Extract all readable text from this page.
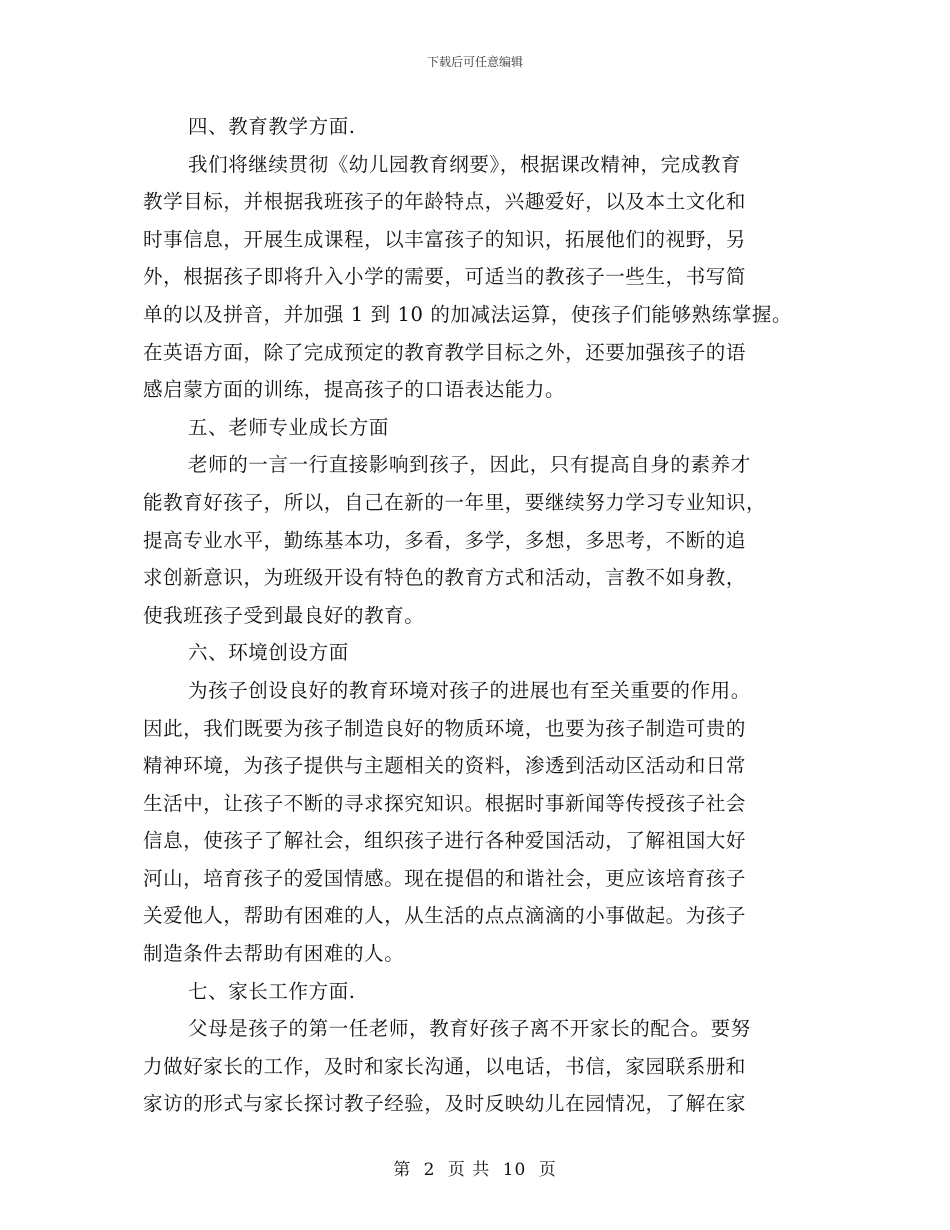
下载后可任意编辑
四、教育教学方面.
我们将继续贯彻《幼儿园教育纲要》，根据课改精神，完成教育
教学目标，并根据我班孩子的年龄特点，兴趣爱好，以及本土文化和
时事信息，开展生成课程，以丰富孩子的知识，拓展他们的视野，另
外，根据孩子即将升入小学的需要，可适当的教孩子一些生，书写简
单的以及拼音，并加强 1 到 10 的加减法运算，使孩子们能够熟练掌握。
在英语方面，除了完成预定的教育教学目标之外，还要加强孩子的语
感启蒙方面的训练，提高孩子的口语表达能力。
五、老师专业成长方面
老师的一言一行直接影响到孩子，因此，只有提高自身的素养才
能教育好孩子，所以，自己在新的一年里，要继续努力学习专业知识，
提高专业水平，勤练基本功，多看，多学，多想，多思考，不断的追
求创新意识，为班级开设有特色的教育方式和活动，言教不如身教，
使我班孩子受到最良好的教育。
六、环境创设方面
为孩子创设良好的教育环境对孩子的进展也有至关重要的作用。
因此，我们既要为孩子制造良好的物质环境，也要为孩子制造可贵的
精神环境，为孩子提供与主题相关的资料，渗透到活动区活动和日常
生活中，让孩子不断的寻求探究知识。根据时事新闻等传授孩子社会
信息，使孩子了解社会，组织孩子进行各种爱国活动，了解祖国大好
河山，培育孩子的爱国情感。现在提倡的和谐社会，更应该培育孩子
关爱他人，帮助有困难的人，从生活的点点滴滴的小事做起。为孩子
制造条件去帮助有困难的人。
七、家长工作方面.
父母是孩子的第一任老师，教育好孩子离不开家长的配合。要努
力做好家长的工作，及时和家长沟通，以电话，书信，家园联系册和
家访的形式与家长探讨教子经验，及时反映幼儿在园情况，了解在家
第 2 页 共 10 页
